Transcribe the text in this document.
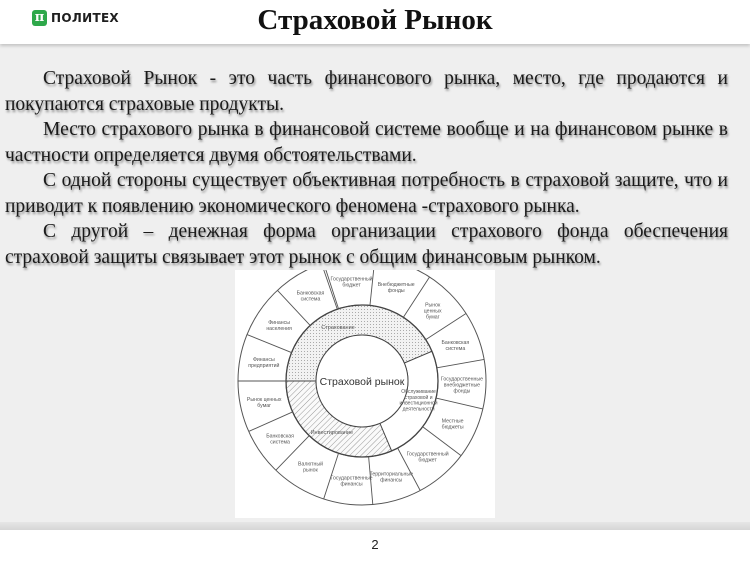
π ПОЛИТЕХ	Страховой Рынок

Страховой Рынок - это часть финансового рынка, место, где продаются и покупаются страховые продукты.

Место страхового рынка в финансовой системе вообще и на финансовом рынке в частности определяется двумя обстоятельствами.

С одной стороны существует объективная потребность в страховой защите, что и приводит к появлению экономического феномена -страхового рынка.

С другой – денежная форма организации страхового фонда обеспечения страховой защиты связывает этот рынок с общим финансовым рынком.

Государственный бюджет	Внебюджетные фонды
Рынок ценных бумаг
Банковская система
Государственные внебюджетные фонды
Местные бюджеты
Государственный бюджет
Территориальные финансы
Государственные финансы
Валютный рынок
Банковская система
Рынок ценных бумаг
Финансы предприятий
Финансы населения
Банковская система
Страхование
Инвестирование
Обслуживание страховой и инвестиционной деятельности
Страховой рынок
2
